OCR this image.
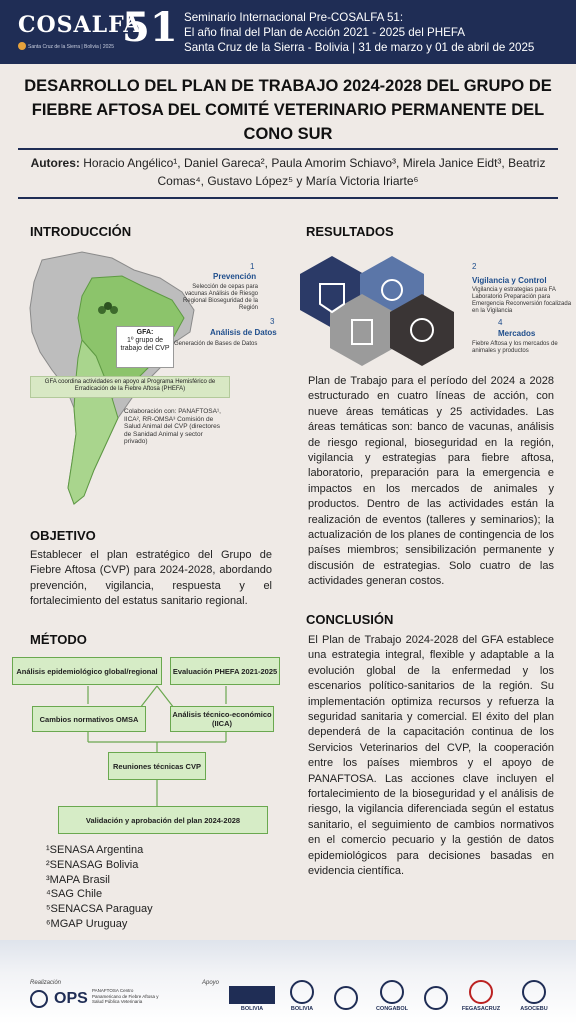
COSALFA
51
Santa Cruz de la Sierra | Bolivia | 2025
Seminario Internacional Pre-COSALFA 51:
El año final del Plan de Acción 2021 - 2025 del PHEFA
Santa Cruz de la Sierra - Bolivia | 31 de marzo y 01 de abril de 2025
DESARROLLO DEL PLAN DE TRABAJO 2024-2028 DEL GRUPO DE FIEBRE AFTOSA DEL COMITÉ VETERINARIO PERMANENTE DEL CONO SUR
Autores: Horacio Angélico¹, Daniel Gareca², Paula Amorim Schiavo³, Mirela Janice Eidt³, Beatriz Comas⁴, Gustavo López⁵ y María Victoria Iriarte⁶
INTRODUCCIÓN
GFA:
1º grupo de trabajo del CVP
GFA coordina actividades en apoyo al Programa Hemisférico de Erradicación de la Fiebre Aftosa (PHEFA)
Colaboración con: PANAFTOSA¹, IICA², RR-OMSA³ Comisión de Salud Animal del CVP (directores de Sanidad Animal y sector privado)
OBJETIVO
Establecer el plan estratégico del Grupo de Fiebre Aftosa (CVP) para 2024-2028, abordando prevención, vigilancia, respuesta y el fortalecimiento del estatus sanitario regional.
MÉTODO
Análisis epidemiológico global/regional	Evaluación PHEFA 2021-2025
Cambios normativos OMSA	Análisis técnico-económico (IICA)
Reuniones técnicas CVP
Validación y aprobación del plan 2024-2028
¹SENASA Argentina
²SENASAG Bolivia
³MAPA Brasil
⁴SAG Chile
⁵SENACSA Paraguay
⁶MGAP Uruguay
RESULTADOS
1
Prevención
Selección de cepas para vacunas Análisis de Riesgo Regional Bioseguridad de la Región
2
Vigilancia y Control
Vigilancia y estrategias para FA Laboratorio Preparación para Emergencia Reconversión focalizada en la Vigilancia
3
Análisis de Datos
Generación de Bases de Datos
4
Mercados
Fiebre Aftosa y los mercados de animales y productos
Plan de Trabajo para el período del 2024 a 2028 estructurado en cuatro líneas de acción, con nueve áreas temáticas y 25 actividades. Las áreas temáticas son: banco de vacunas, análisis de riesgo regional, bioseguridad en la región, vigilancia y estrategias para fiebre aftosa, laboratorio, preparación para la emergencia e impactos en los mercados de animales y productos. Dentro de las actividades están la realización de eventos (talleres y seminarios); la actualización de los planes de contingencia de los países miembros; sensibilización permanente y discusión de estrategias. Solo cuatro de las actividades generan costos.
CONCLUSIÓN
El Plan de Trabajo 2024-2028 del GFA establece una estrategia integral, flexible y adaptable a la evolución global de la enfermedad y los escenarios político-sanitarios de la región. Su implementación optimiza recursos y refuerza la seguridad sanitaria y comercial. El éxito del plan dependerá de la capacitación continua de los Servicios Veterinarios del CVP, la cooperación entre los países miembros y el apoyo de PANAFTOSA. Las acciones clave incluyen el fortalecimiento de la bioseguridad y el análisis de riesgo, la vigilancia diferenciada según el estatus sanitario, el seguimiento de cambios normativos en el comercio pecuario y la gestión de datos epidemiológicos para decisiones basadas en evidencia científica.
Realización	Apoyo
OPS PANAFTOSA Centro Panamericano de Fiebre Aftosa y Salud Pública Veterinaria
BOLIVIA	BOLIVIA	CONGABOL	FEGASACRUZ	ASOCEBU
